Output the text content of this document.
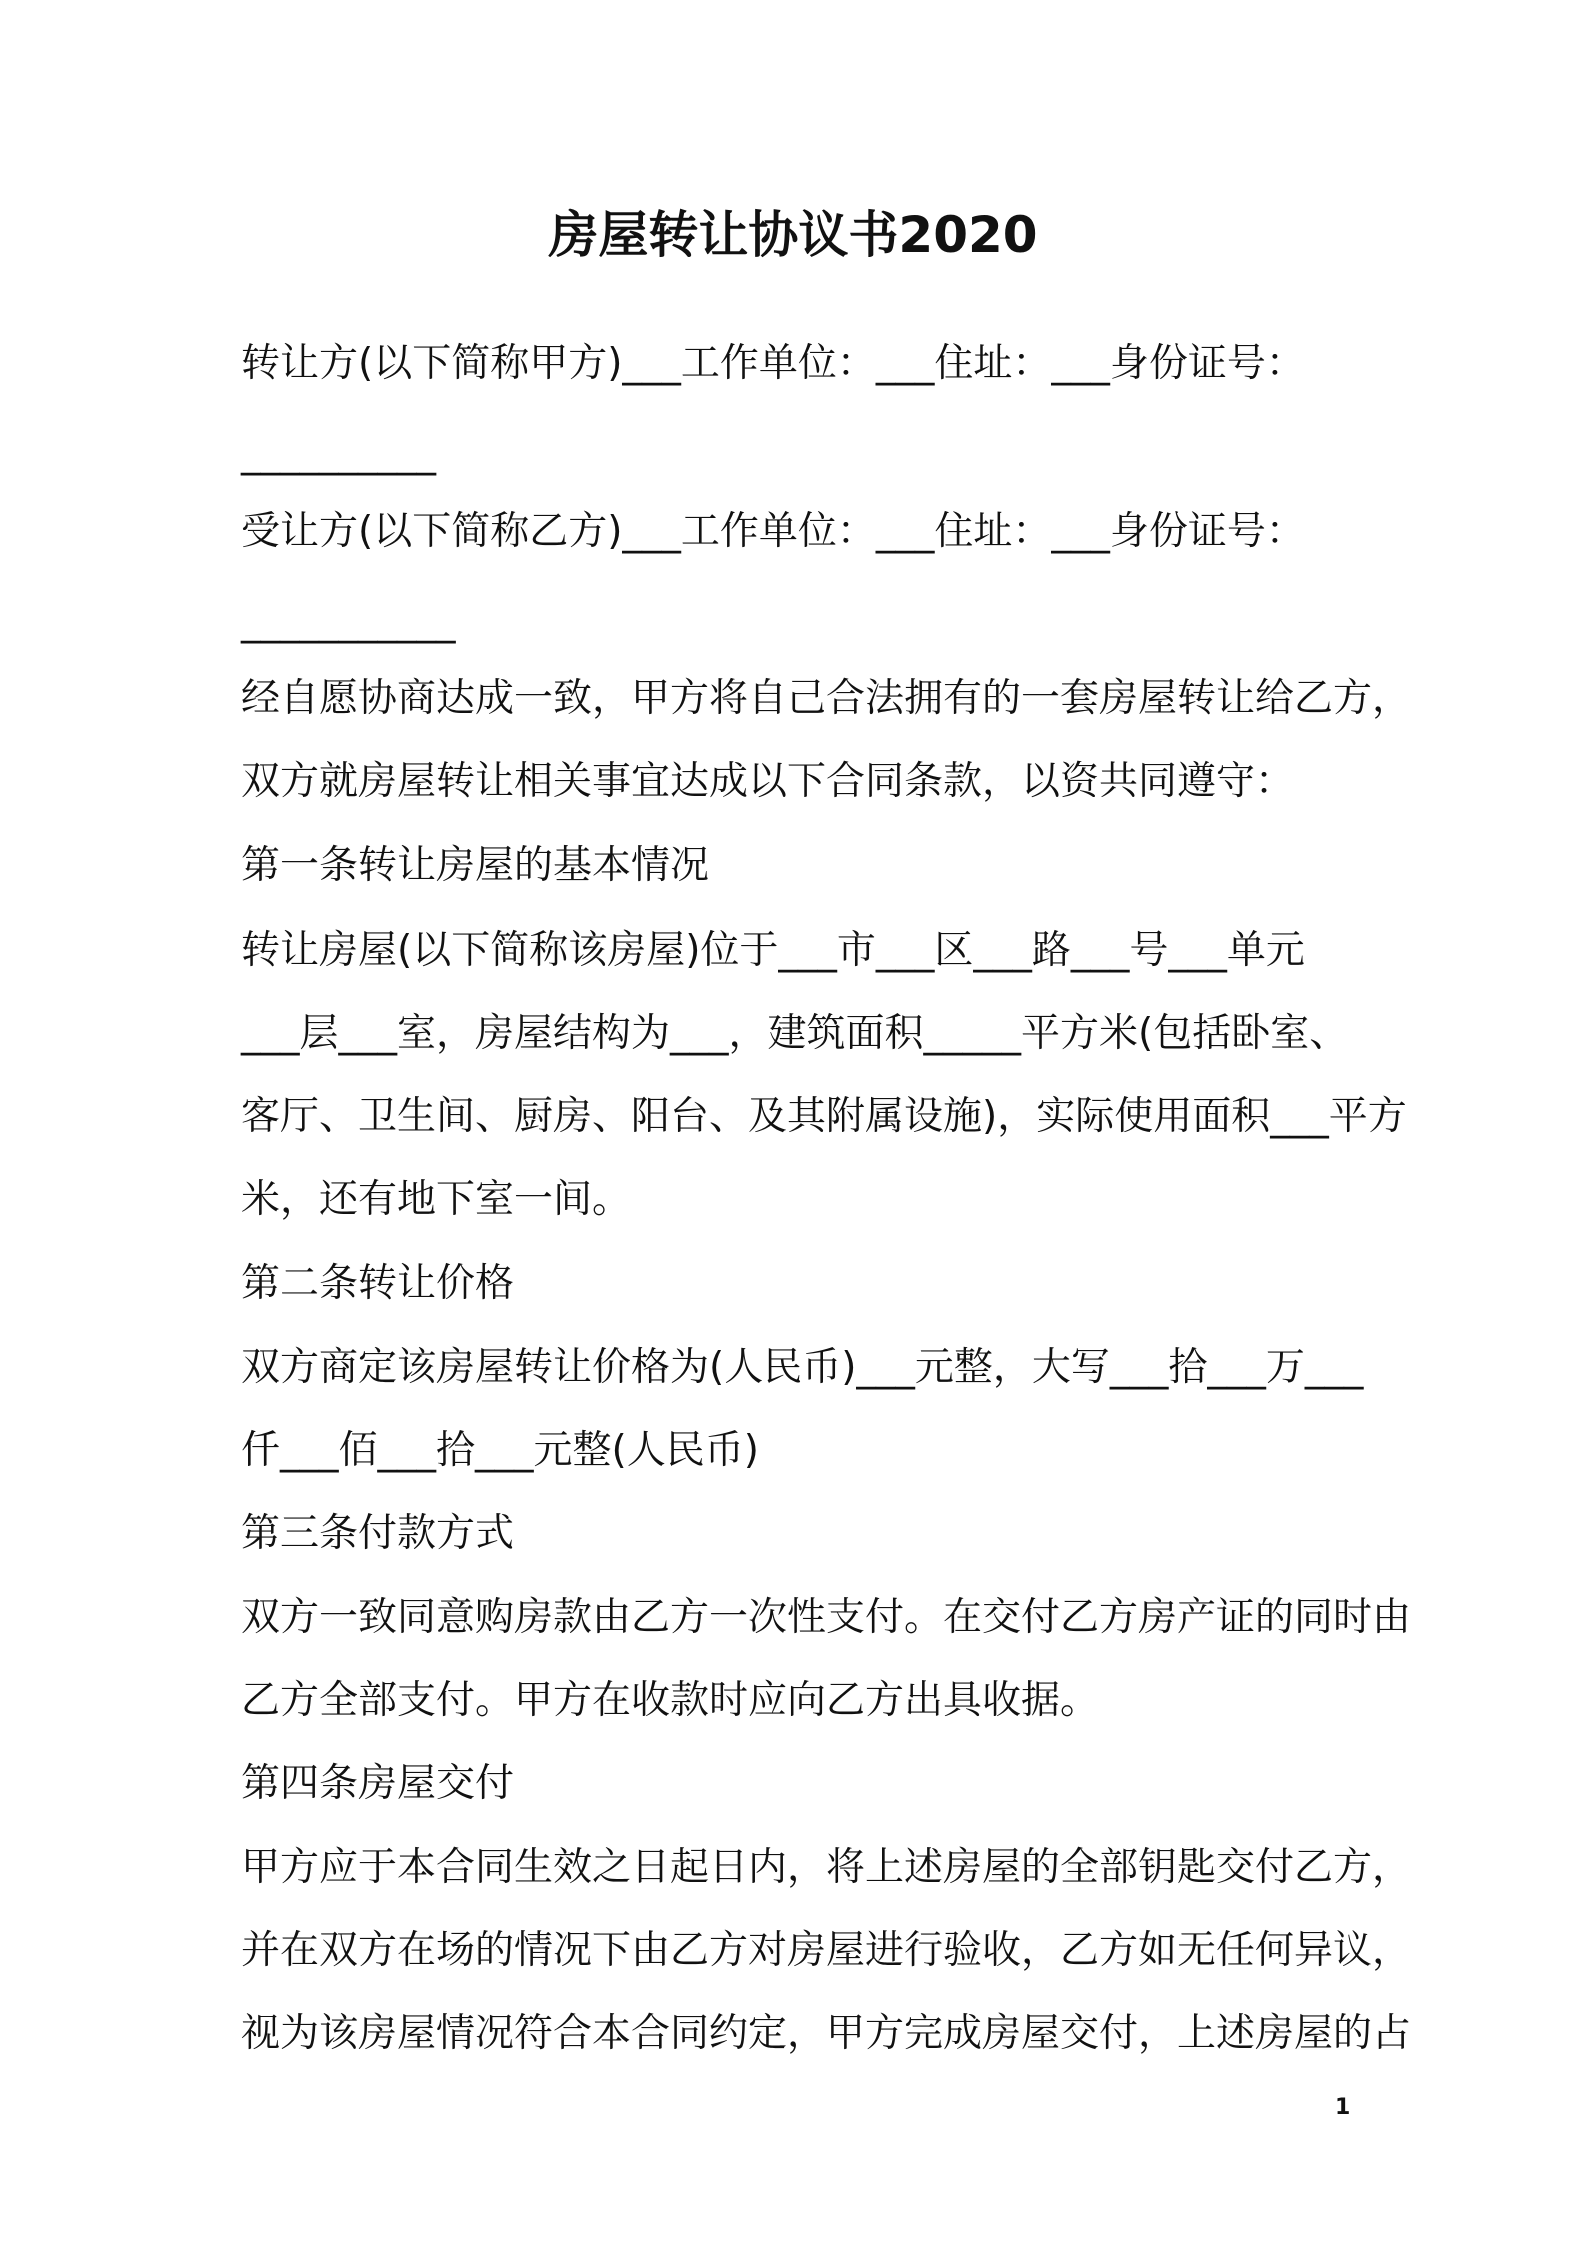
房屋转让协议书2020
转让方(以下简称甲方)___工作单位：___住址：___身份证号：
__________
受让方(以下简称乙方)___工作单位：___住址：___身份证号：
___________
经自愿协商达成一致，甲方将自己合法拥有的一套房屋转让给乙方，
双方就房屋转让相关事宜达成以下合同条款，以资共同遵守：
第一条转让房屋的基本情况
转让房屋(以下简称该房屋)位于___市___区___路___号___单元
___层___室，房屋结构为___，建筑面积_____平方米(包括卧室、
客厅、卫生间、厨房、阳台、及其附属设施)，实际使用面积___平方
米，还有地下室一间。
第二条转让价格
双方商定该房屋转让价格为(人民币)___元整，大写___拾___万___
仟___佰___拾___元整(人民币)
第三条付款方式
双方一致同意购房款由乙方一次性支付。在交付乙方房产证的同时由
乙方全部支付。甲方在收款时应向乙方出具收据。
第四条房屋交付
甲方应于本合同生效之日起日内，将上述房屋的全部钥匙交付乙方，
并在双方在场的情况下由乙方对房屋进行验收，乙方如无任何异议，
视为该房屋情况符合本合同约定，甲方完成房屋交付，上述房屋的占
1
